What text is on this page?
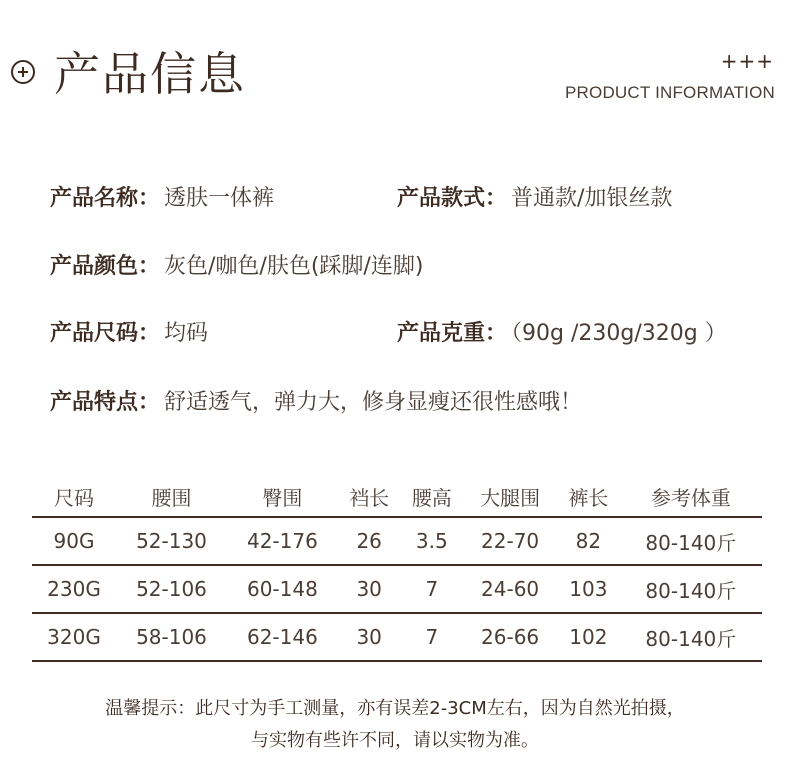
产品信息	+++
PRODUCT INFORMATION
产品名称： 透肤一体裤	产品款式： 普通款/加银丝款
产品颜色： 灰色/咖色/肤色(踩脚/连脚)
产品尺码： 均码	产品克重： （90g /230g/320g ）
产品特点： 舒适透气，弹力大，修身显瘦还很性感哦！
尺码	腰围	臀围	裆长	腰高	大腿围	裤长	参考体重
90G	52-130	42-176	26	3.5	22-70	82	80-140斤
230G	52-106	60-148	30	7	24-60	103	80-140斤
320G	58-106	62-146	30	7	26-66	102	80-140斤
温馨提示：此尺寸为手工测量，亦有误差2-3CM左右，因为自然光拍摄，
与实物有些许不同，请以实物为准。
